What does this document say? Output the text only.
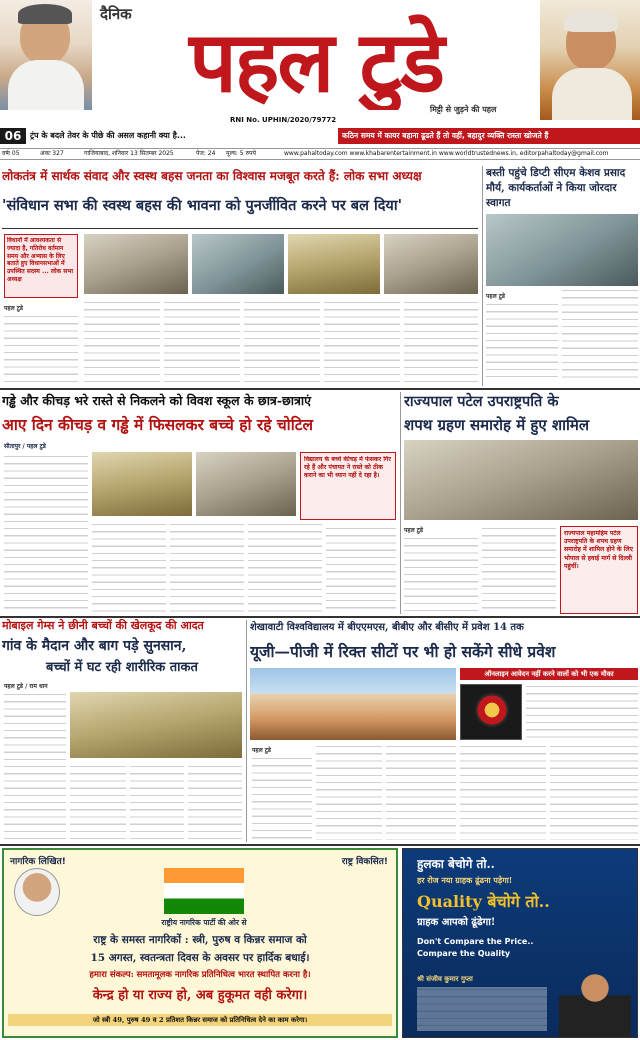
दैनिक पहल टुडे
मिट्टी से जुड़ने की पहल
RNI No. UPHIN/2020/79772
06	ट्रंप के बदले तेवर के पीछे की असल कहानी क्या है...	कठिन समय में कायर बहाना ढूढते हैं तो वहीं, बहादुर व्यक्ति रास्ता खोजते हैं
वर्षः 05	अंकः 327	गाजियाबाद, शनिवार 13 सितम्बर 2025	पेज: 24 मूल्य: 5 रुपये	www.pahaltoday.com www.khabarentertainment.in www.worldtrustednews.in, editorpahaltoday@gmail.com
लोकतंत्र में सार्थक संवाद और स्वस्थ बहस जनता का विश्वास मजबूत करते हैं: लोक सभा अध्यक्ष
'संविधान सभा की स्वस्थ बहस की भावना को पुनर्जीवित करने पर बल दिया'
विधानों में आवश्यकता से ज्यादा है, गतिरोध वर्तमान समय और अभ्यास के लिए बताते हुए विधानसभाओं में उपस्थित सदस्य ... लोक सभा अध्यक्ष
पहल टुडे
बस्ती पहुंचे डिप्टी सीएम केशव प्रसाद मौर्य, कार्यकर्ताओं ने किया जोरदार स्वागत
पहल टुडे
गड्ढे और कीचड़ भरे रास्ते से निकलने को विवश स्कूल के छात्र-छात्राएं
आए दिन कीचड़ व गड्ढे में फिसलकर बच्चे हो रहे चोटिल
सीतापुर / पहल टुडे
विद्यालय के बच्चे कीचड़ में फंसकर गिर रहे हैं और पंचायत ने रास्ते को ठीक कराने का भी ध्यान नहीं दे रहा है।
राज्यपाल पटेल उपराष्ट्रपति के
शपथ ग्रहण समारोह में हुए शामिल
पहल टुडे	राज्यपाल महामहिम पटेल उपराष्ट्रपति के शपथ ग्रहण समारोह में शामिल होने के लिए भोपाल से हवाई मार्ग से दिल्ली पहुंचीं।
मोबाइल गेम्स ने छीनी बच्चों की खेलकूद की आदत
गांव के मैदान और बाग पड़े सुनसान,
बच्चों में घट रही शारीरिक ताकत
पहल टुडे / राम धान
शेखावाटी विश्वविद्यालय में बीएएमएस, बीबीए और बीसीए में प्रवेश 14 तक
यूजी—पीजी में रिक्त सीटों पर भी हो सकेंगे सीधे प्रवेश
ऑनलाइन आवेदन नहीं करने वालों को भी एक मौका
पहल टुडे
नागरिक लिखित!	राष्ट्र विकसित!
राष्ट्रीय नागरिक पार्टी की ओर से
राष्ट्र के समस्त नागरिकों : स्त्री, पुरुष व किन्नर समाज को
15 अगस्त, स्वतन्त्रता दिवस के अवसर पर हार्दिक बधाई।
हमारा संकल्प: समतामूलक नागरिक प्रतिनिधित्व भारत स्थापित करना है।
केन्द्र हो या राज्य हो, अब हुकूमत वही करेगा।
जो स्त्री 49, पुरुष 49 व 2 प्रतिशत किन्नर समाज को प्रतिनिधित्व देने का काम करेगा।
हुलका बेचोगे तो..
हर रोज नया ग्राहक ढूंढना पड़ेगा!
Quality बेचोगे तो..
ग्राहक आपको ढूंढेगा!
Don't Compare the Price..
Compare the Quality
श्री संजीव कुमार गुप्ता
